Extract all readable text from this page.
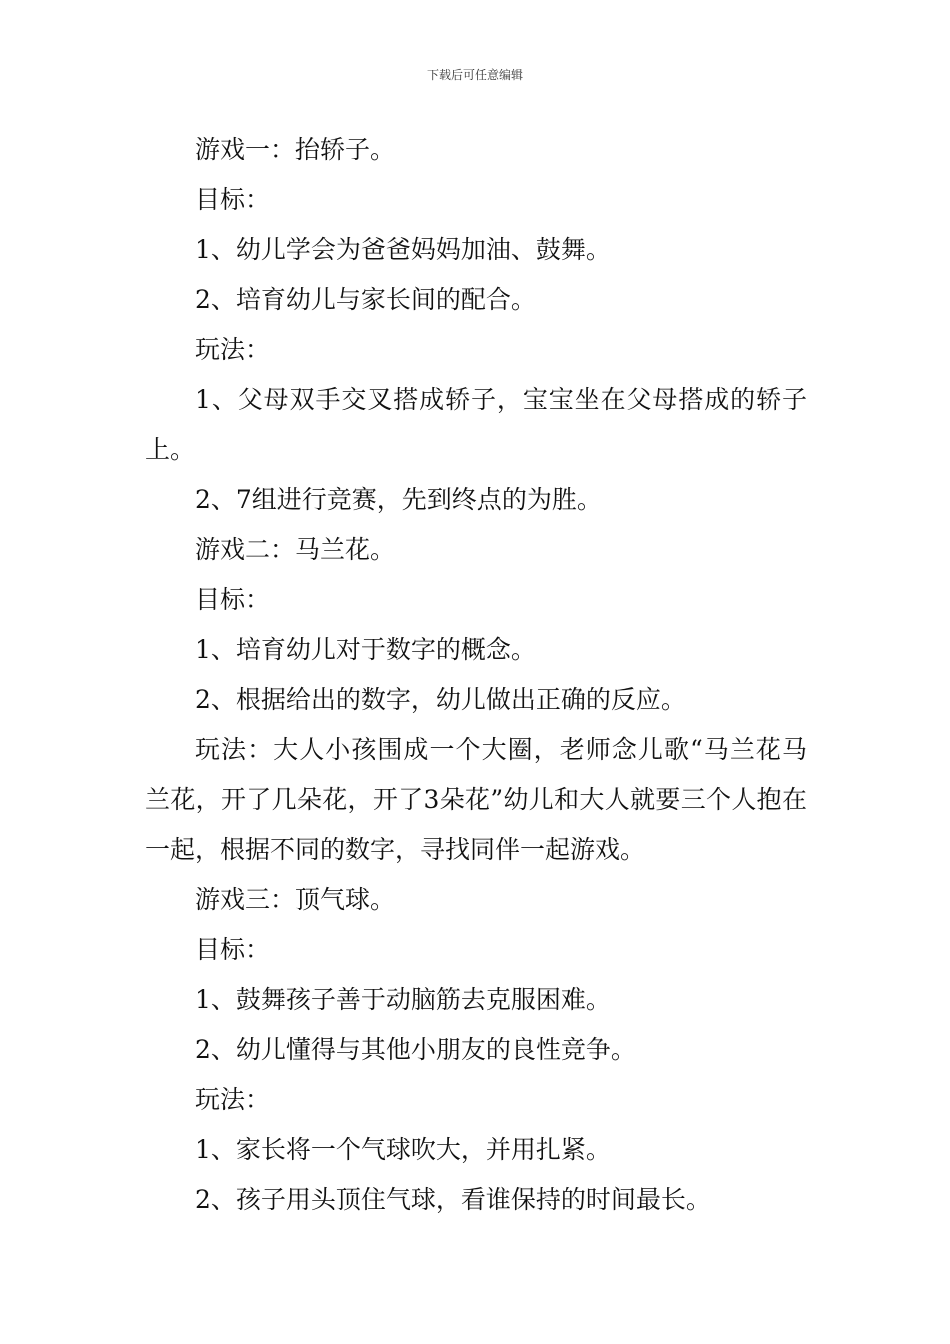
下载后可任意编辑

游戏一：抬轿子。

目标：

1、幼儿学会为爸爸妈妈加油、鼓舞。

2、培育幼儿与家长间的配合。

玩法：

1、父母双手交叉搭成轿子，宝宝坐在父母搭成的轿子上。

2、7组进行竞赛，先到终点的为胜。

游戏二：马兰花。

目标：

1、培育幼儿对于数字的概念。

2、根据给出的数字，幼儿做出正确的反应。

玩法：大人小孩围成一个大圈，老师念儿歌“马兰花马兰花，开了几朵花，开了3朵花”幼儿和大人就要三个人抱在一起，根据不同的数字，寻找同伴一起游戏。

游戏三：顶气球。

目标：

1、鼓舞孩子善于动脑筋去克服困难。

2、幼儿懂得与其他小朋友的良性竞争。

玩法：

1、家长将一个气球吹大，并用扎紧。

2、孩子用头顶住气球，看谁保持的时间最长。
